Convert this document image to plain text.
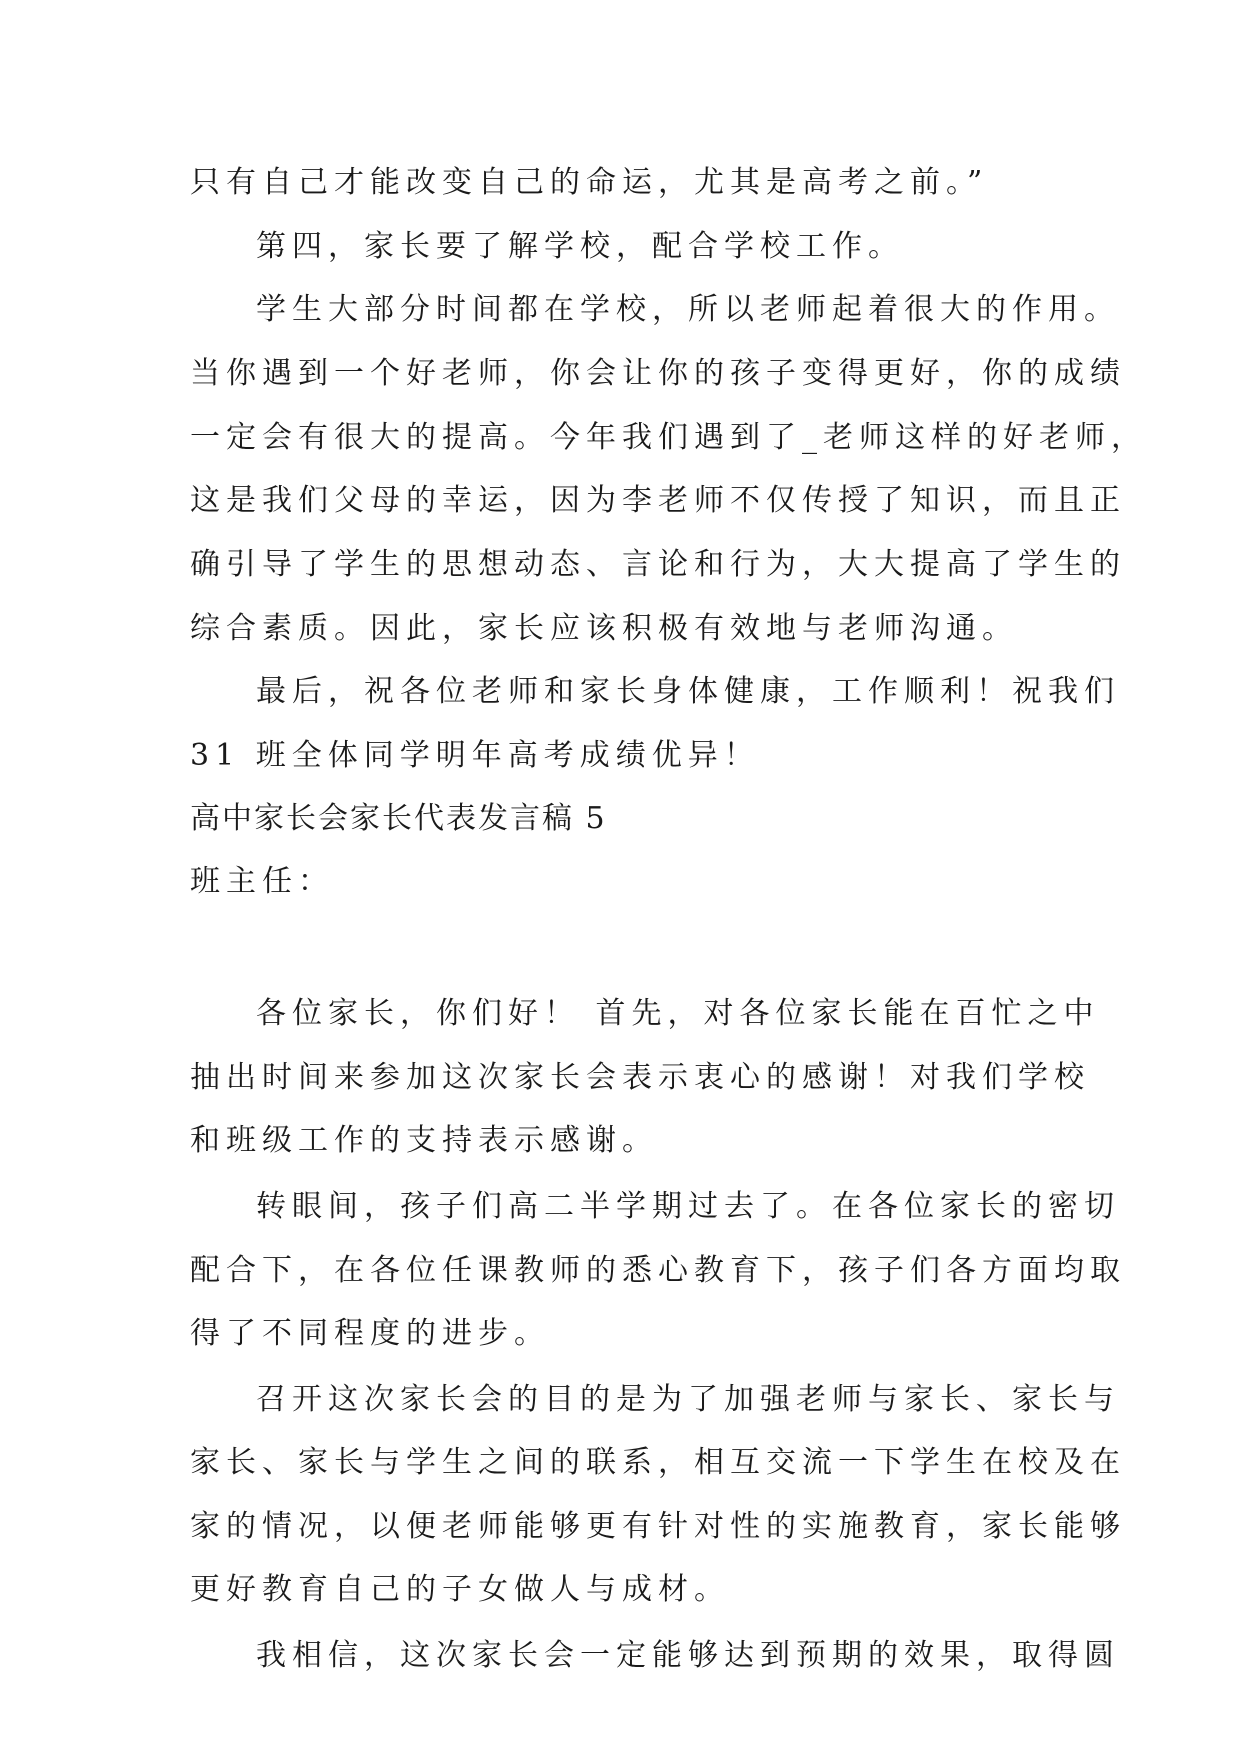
只有自己才能改变自己的命运，尤其是高考之前。”
第四，家长要了解学校，配合学校工作。
学生大部分时间都在学校，所以老师起着很大的作用。
当你遇到一个好老师，你会让你的孩子变得更好，你的成绩
一定会有很大的提高。今年我们遇到了_老师这样的好老师，
这是我们父母的幸运，因为李老师不仅传授了知识，而且正
确引导了学生的思想动态、言论和行为，大大提高了学生的
综合素质。因此，家长应该积极有效地与老师沟通。
最后，祝各位老师和家长身体健康，工作顺利！祝我们
31 班全体同学明年高考成绩优异！
高中家长会家长代表发言稿 5
班主任：
各位家长，你们好！ 首先，对各位家长能在百忙之中
抽出时间来参加这次家长会表示衷心的感谢！对我们学校
和班级工作的支持表示感谢。
转眼间，孩子们高二半学期过去了。在各位家长的密切
配合下，在各位任课教师的悉心教育下，孩子们各方面均取
得了不同程度的进步。
召开这次家长会的目的是为了加强老师与家长、家长与
家长、家长与学生之间的联系，相互交流一下学生在校及在
家的情况，以便老师能够更有针对性的实施教育，家长能够
更好教育自己的子女做人与成材。
我相信，这次家长会一定能够达到预期的效果，取得圆
